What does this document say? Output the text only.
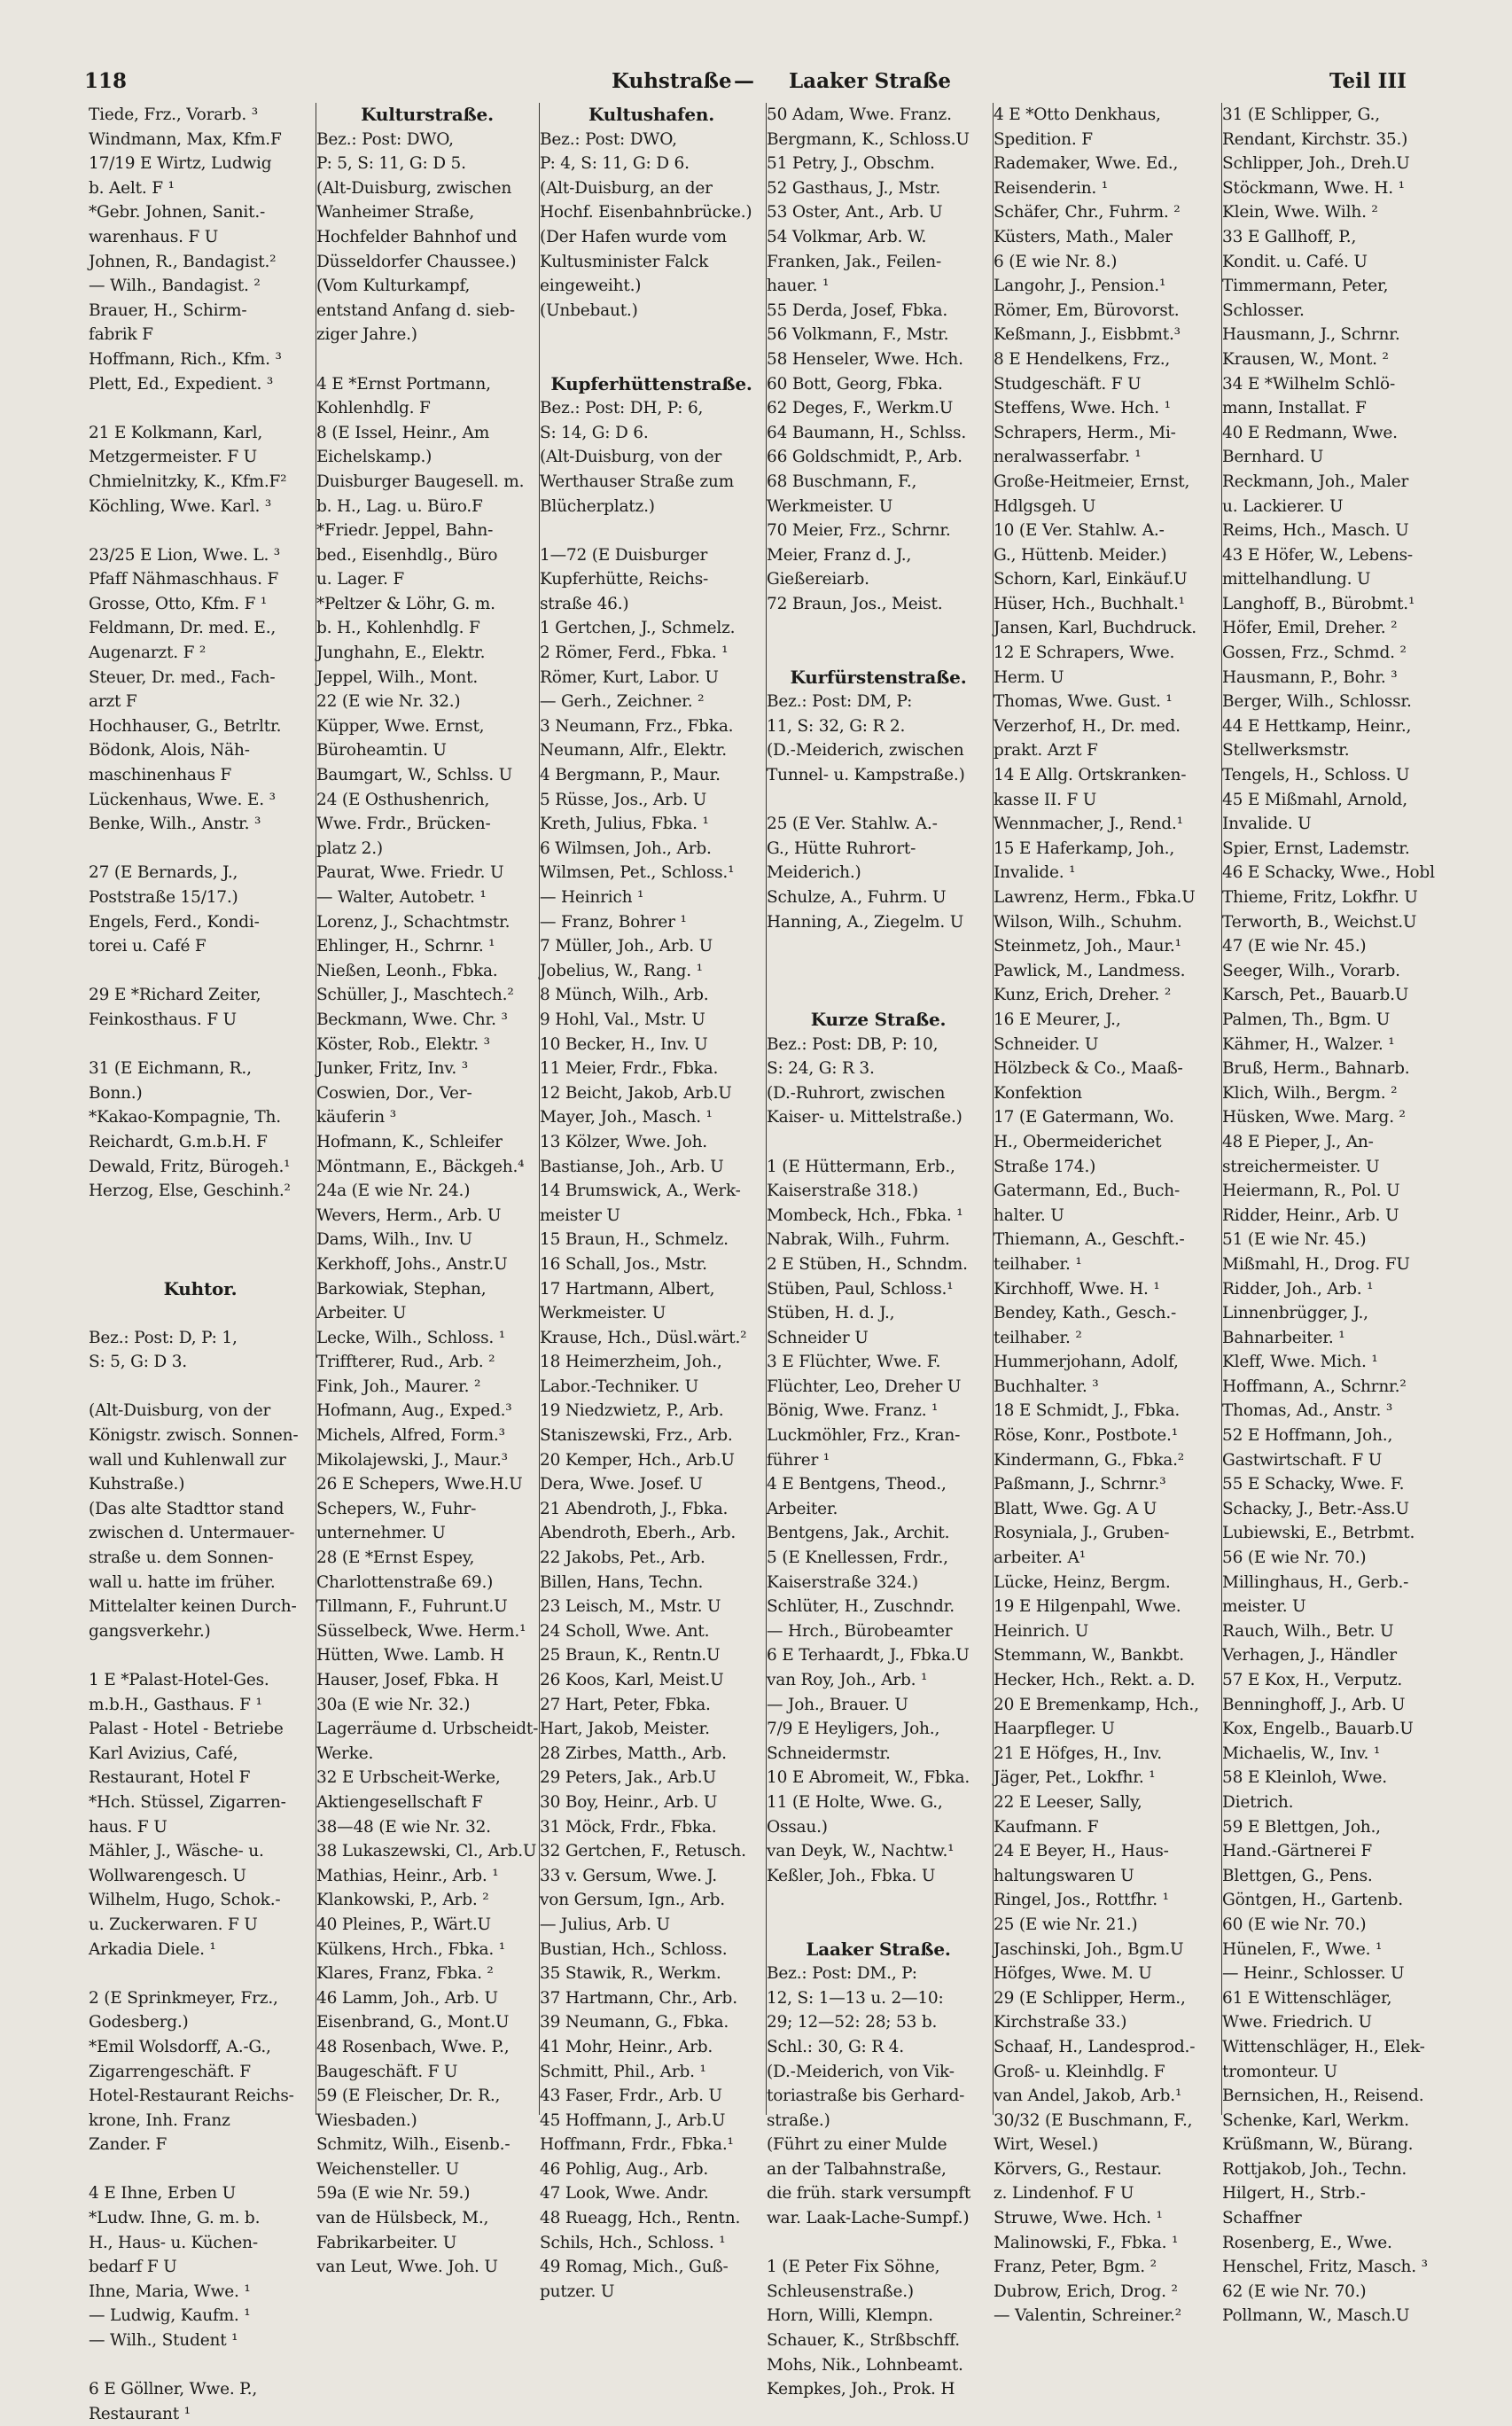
118	Kuhstraße — Laaker Straße	Teil III
Tiede, Frz., Vorarb. ³
Windmann, Max, Kfm.F
17/19 E Wirtz, Ludwig
b. Aelt. F ¹
*Gebr. Johnen, Sanit.-
warenhaus. F U
Johnen, R., Bandagist.²
— Wilh., Bandagist. ²
Brauer, H., Schirm-
fabrik F
Hoffmann, Rich., Kfm. ³
Plett, Ed., Expedient. ³
21 E Kolkmann, Karl,
Metzgermeister. F U
Chmielnitzky, K., Kfm.F²
Köchling, Wwe. Karl. ³
23/25 E Lion, Wwe. L. ³
Pfaff Nähmaschhaus. F
Grosse, Otto, Kfm. F ¹
Feldmann, Dr. med. E.,
Augenarzt. F ²
Steuer, Dr. med., Fach-
arzt F
Hochhauser, G., Betrltr.
Bödonk, Alois, Näh-
maschinenhaus F
Lückenhaus, Wwe. E. ³
Benke, Wilh., Anstr. ³
27 (E Bernards, J.,
Poststraße 15/17.)
Engels, Ferd., Kondi-
torei u. Café F
29 E *Richard Zeiter,
Feinkosthaus. F U
31 (E Eichmann, R.,
Bonn.)
*Kakao-Kompagnie, Th.
Reichardt, G.m.b.H. F
Dewald, Fritz, Bürogeh.¹
Herzog, Else, Geschinh.²
Kuhtor.
Bez.: Post: D, P: 1,
S: 5, G: D 3.
(Alt-Duisburg, von der
Königstr. zwisch. Sonnen-
wall und Kuhlenwall zur
Kuhstraße.)
(Das alte Stadttor stand
zwischen d. Untermauer-
straße u. dem Sonnen-
wall u. hatte im früher.
Mittelalter keinen Durch-
gangsverkehr.)
1 E *Palast-Hotel-Ges.
m.b.H., Gasthaus. F ¹
Palast - Hotel - Betriebe
Karl Avizius, Café,
Restaurant, Hotel F
*Hch. Stüssel, Zigarren-
haus. F U
Mähler, J., Wäsche- u.
Wollwarengesch. U
Wilhelm, Hugo, Schok.-
u. Zuckerwaren. F U
Arkadia Diele. ¹
2 (E Sprinkmeyer, Frz.,
Godesberg.)
*Emil Wolsdorff, A.-G.,
Zigarrengeschäft. F
Hotel-Restaurant Reichs-
krone, Inh. Franz
Zander. F
4 E Ihne, Erben U
*Ludw. Ihne, G. m. b.
H., Haus- u. Küchen-
bedarf F U
Ihne, Maria, Wwe. ¹
— Ludwig, Kaufm. ¹
— Wilh., Student ¹
6 E Göllner, Wwe. P.,
Restaurant ¹
Kulturstraße.
Bez.: Post: DWO,
P: 5, S: 11, G: D 5.
(Alt-Duisburg, zwischen
Wanheimer Straße,
Hochfelder Bahnhof und
Düsseldorfer Chaussee.)
(Vom Kulturkampf,
entstand Anfang d. sieb-
ziger Jahre.)
4 E *Ernst Portmann,
Kohlenhdlg. F
8 (E Issel, Heinr., Am
Eichelskamp.)
Duisburger Baugesell. m.
b. H., Lag. u. Büro.F
*Friedr. Jeppel, Bahn-
bed., Eisenhdlg., Büro
u. Lager. F
*Peltzer & Löhr, G. m.
b. H., Kohlenhdlg. F
Junghahn, E., Elektr.
Jeppel, Wilh., Mont.
22 (E wie Nr. 32.)
Küpper, Wwe. Ernst,
Büroheamtin. U
Baumgart, W., Schlss. U
24 (E Osthushenrich,
Wwe. Frdr., Brücken-
platz 2.)
Paurat, Wwe. Friedr. U
— Walter, Autobetr. ¹
Lorenz, J., Schachtmstr.
Ehlinger, H., Schrnr. ¹
Nießen, Leonh., Fbka.
Schüller, J., Maschtech.²
Beckmann, Wwe. Chr. ³
Köster, Rob., Elektr. ³
Junker, Fritz, Inv. ³
Coswien, Dor., Ver-
käuferin ³
Hofmann, K., Schleifer
Möntmann, E., Bäckgeh.⁴
24a (E wie Nr. 24.)
Wevers, Herm., Arb. U
Dams, Wilh., Inv. U
Kerkhoff, Johs., Anstr.U
Barkowiak, Stephan,
Arbeiter. U
Lecke, Wilh., Schloss. ¹
Triffterer, Rud., Arb. ²
Fink, Joh., Maurer. ²
Hofmann, Aug., Exped.³
Michels, Alfred, Form.³
Mikolajewski, J., Maur.³
26 E Schepers, Wwe.H.U
Schepers, W., Fuhr-
unternehmer. U
28 (E *Ernst Espey,
Charlottenstraße 69.)
Tillmann, F., Fuhrunt.U
Süsselbeck, Wwe. Herm.¹
Hütten, Wwe. Lamb. H
Hauser, Josef, Fbka. H
30a (E wie Nr. 32.)
Lagerräume d. Urbscheidt-
Werke.
32 E Urbscheit-Werke,
Aktiengesellschaft F
38—48 (E wie Nr. 32.
38 Lukaszewski, Cl., Arb.U
Mathias, Heinr., Arb. ¹
Klankowski, P., Arb. ²
40 Pleines, P., Wärt.U
Külkens, Hrch., Fbka. ¹
Klares, Franz, Fbka. ²
46 Lamm, Joh., Arb. U
Eisenbrand, G., Mont.U
48 Rosenbach, Wwe. P.,
Baugeschäft. F U
59 (E Fleischer, Dr. R.,
Wiesbaden.)
Schmitz, Wilh., Eisenb.-
Weichensteller. U
59a (E wie Nr. 59.)
van de Hülsbeck, M.,
Fabrikarbeiter. U
van Leut, Wwe. Joh. U
Kultushafen.
Bez.: Post: DWO,
P: 4, S: 11, G: D 6.
(Alt-Duisburg, an der
Hochf. Eisenbahnbrücke.)
(Der Hafen wurde vom
Kultusminister Falck
eingeweiht.)
(Unbebaut.)
Kupferhüttenstraße.
Bez.: Post: DH, P: 6,
S: 14, G: D 6.
(Alt-Duisburg, von der
Werthauser Straße zum
Blücherplatz.)
1—72 (E Duisburger
Kupferhütte, Reichs-
straße 46.)
1 Gertchen, J., Schmelz.
2 Römer, Ferd., Fbka. ¹
Römer, Kurt, Labor. U
— Gerh., Zeichner. ²
3 Neumann, Frz., Fbka.
Neumann, Alfr., Elektr.
4 Bergmann, P., Maur.
5 Rüsse, Jos., Arb. U
Kreth, Julius, Fbka. ¹
6 Wilmsen, Joh., Arb.
Wilmsen, Pet., Schloss.¹
— Heinrich ¹
— Franz, Bohrer ¹
7 Müller, Joh., Arb. U
Jobelius, W., Rang. ¹
8 Münch, Wilh., Arb.
9 Hohl, Val., Mstr. U
10 Becker, H., Inv. U
11 Meier, Frdr., Fbka.
12 Beicht, Jakob, Arb.U
Mayer, Joh., Masch. ¹
13 Kölzer, Wwe. Joh.
Bastianse, Joh., Arb. U
14 Brumswick, A., Werk-
meister U
15 Braun, H., Schmelz.
16 Schall, Jos., Mstr.
17 Hartmann, Albert,
Werkmeister. U
Krause, Hch., Düsl.wärt.²
18 Heimerzheim, Joh.,
Labor.-Techniker. U
19 Niedzwietz, P., Arb.
Staniszewski, Frz., Arb.
20 Kemper, Hch., Arb.U
Dera, Wwe. Josef. U
21 Abendroth, J., Fbka.
Abendroth, Eberh., Arb.
22 Jakobs, Pet., Arb.
Billen, Hans, Techn.
23 Leisch, M., Mstr. U
24 Scholl, Wwe. Ant.
25 Braun, K., Rentn.U
26 Koos, Karl, Meist.U
27 Hart, Peter, Fbka.
Hart, Jakob, Meister.
28 Zirbes, Matth., Arb.
29 Peters, Jak., Arb.U
30 Boy, Heinr., Arb. U
31 Möck, Frdr., Fbka.
32 Gertchen, F., Retusch.
33 v. Gersum, Wwe. J.
von Gersum, Ign., Arb.
— Julius, Arb. U
Bustian, Hch., Schloss.
35 Stawik, R., Werkm.
37 Hartmann, Chr., Arb.
39 Neumann, G., Fbka.
41 Mohr, Heinr., Arb.
Schmitt, Phil., Arb. ¹
43 Faser, Frdr., Arb. U
45 Hoffmann, J., Arb.U
Hoffmann, Frdr., Fbka.¹
46 Pohlig, Aug., Arb.
47 Look, Wwe. Andr.
48 Rueagg, Hch., Rentn.
Schils, Hch., Schloss. ¹
49 Romag, Mich., Guß-
putzer. U
50 Adam, Wwe. Franz.
Bergmann, K., Schloss.U
51 Petry, J., Obschm.
52 Gasthaus, J., Mstr.
53 Oster, Ant., Arb. U
54 Volkmar, Arb. W.
Franken, Jak., Feilen-
hauer. ¹
55 Derda, Josef, Fbka.
56 Volkmann, F., Mstr.
58 Henseler, Wwe. Hch.
60 Bott, Georg, Fbka.
62 Deges, F., Werkm.U
64 Baumann, H., Schlss.
66 Goldschmidt, P., Arb.
68 Buschmann, F.,
Werkmeister. U
70 Meier, Frz., Schrnr.
Meier, Franz d. J.,
Gießereiarb.
72 Braun, Jos., Meist.
Kurfürstenstraße.
Bez.: Post: DM, P:
11, S: 32, G: R 2.
(D.-Meiderich, zwischen
Tunnel- u. Kampstraße.)
25 (E Ver. Stahlw. A.-
G., Hütte Ruhrort-
Meiderich.)
Schulze, A., Fuhrm. U
Hanning, A., Ziegelm. U
Kurze Straße.
Bez.: Post: DB, P: 10,
S: 24, G: R 3.
(D.-Ruhrort, zwischen
Kaiser- u. Mittelstraße.)
1 (E Hüttermann, Erb.,
Kaiserstraße 318.)
Mombeck, Hch., Fbka. ¹
Nabrak, Wilh., Fuhrm.
2 E Stüben, H., Schndm.
Stüben, Paul, Schloss.¹
Stüben, H. d. J.,
Schneider U
3 E Flüchter, Wwe. F.
Flüchter, Leo, Dreher U
Bönig, Wwe. Franz. ¹
Luckmöhler, Frz., Kran-
führer ¹
4 E Bentgens, Theod.,
Arbeiter.
Bentgens, Jak., Archit.
5 (E Knellessen, Frdr.,
Kaiserstraße 324.)
Schlüter, H., Zuschndr.
— Hrch., Bürobeamter
6 E Terhaardt, J., Fbka.U
van Roy, Joh., Arb. ¹
— Joh., Brauer. U
7/9 E Heyligers, Joh.,
Schneidermstr.
10 E Abromeit, W., Fbka.
11 (E Holte, Wwe. G.,
Ossau.)
van Deyk, W., Nachtw.¹
Keßler, Joh., Fbka. U
Laaker Straße.
Bez.: Post: DM., P:
12, S: 1—13 u. 2—10:
29; 12—52: 28; 53 b.
Schl.: 30, G: R 4.
(D.-Meiderich, von Vik-
toriastraße bis Gerhard-
straße.)
(Führt zu einer Mulde
an der Talbahnstraße,
die früh. stark versumpft
war. Laak-Lache-Sumpf.)
1 (E Peter Fix Söhne,
Schleusenstraße.)
Horn, Willi, Klempn.
Schauer, K., Strßbschff.
Mohs, Nik., Lohnbeamt.
Kempkes, Joh., Prok. H
4 E *Otto Denkhaus,
Spedition. F
Rademaker, Wwe. Ed.,
Reisenderin. ¹
Schäfer, Chr., Fuhrm. ²
Küsters, Math., Maler
6 (E wie Nr. 8.)
Langohr, J., Pension.¹
Römer, Em, Bürovorst.
Keßmann, J., Eisbbmt.³
8 E Hendelkens, Frz.,
Studgeschäft. F U
Steffens, Wwe. Hch. ¹
Schrapers, Herm., Mi-
neralwasserfabr. ¹
Große-Heitmeier, Ernst,
Hdlgsgeh. U
10 (E Ver. Stahlw. A.-
G., Hüttenb. Meider.)
Schorn, Karl, Einkäuf.U
Hüser, Hch., Buchhalt.¹
Jansen, Karl, Buchdruck.
12 E Schrapers, Wwe.
Herm. U
Thomas, Wwe. Gust. ¹
Verzerhof, H., Dr. med.
prakt. Arzt F
14 E Allg. Ortskranken-
kasse II. F U
Wennmacher, J., Rend.¹
15 E Haferkamp, Joh.,
Invalide. ¹
Lawrenz, Herm., Fbka.U
Wilson, Wilh., Schuhm.
Steinmetz, Joh., Maur.¹
Pawlick, M., Landmess.
Kunz, Erich, Dreher. ²
16 E Meurer, J.,
Schneider. U
Hölzbeck & Co., Maaß-
Konfektion
17 (E Gatermann, Wo.
H., Obermeiderichet
Straße 174.)
Gatermann, Ed., Buch-
halter. U
Thiemann, A., Geschft.-
teilhaber. ¹
Kirchhoff, Wwe. H. ¹
Bendey, Kath., Gesch.-
teilhaber. ²
Hummerjohann, Adolf,
Buchhalter. ³
18 E Schmidt, J., Fbka.
Röse, Konr., Postbote.¹
Kindermann, G., Fbka.²
Paßmann, J., Schrnr.³
Blatt, Wwe. Gg. A U
Rosyniala, J., Gruben-
arbeiter. A¹
Lücke, Heinz, Bergm.
19 E Hilgenpahl, Wwe.
Heinrich. U
Stemmann, W., Bankbt.
Hecker, Hch., Rekt. a. D.
20 E Bremenkamp, Hch.,
Haarpfleger. U
21 E Höfges, H., Inv.
Jäger, Pet., Lokfhr. ¹
22 E Leeser, Sally,
Kaufmann. F
24 E Beyer, H., Haus-
haltungswaren U
Ringel, Jos., Rottfhr. ¹
25 (E wie Nr. 21.)
Jaschinski, Joh., Bgm.U
Höfges, Wwe. M. U
29 (E Schlipper, Herm.,
Kirchstraße 33.)
Schaaf, H., Landesprod.-
Groß- u. Kleinhdlg. F
van Andel, Jakob, Arb.¹
30/32 (E Buschmann, F.,
Wirt, Wesel.)
Körvers, G., Restaur.
z. Lindenhof. F U
Struwe, Wwe. Hch. ¹
Malinowski, F., Fbka. ¹
Franz, Peter, Bgm. ²
Dubrow, Erich, Drog. ²
— Valentin, Schreiner.²
31 (E Schlipper, G.,
Rendant, Kirchstr. 35.)
Schlipper, Joh., Dreh.U
Stöckmann, Wwe. H. ¹
Klein, Wwe. Wilh. ²
33 E Gallhoff, P.,
Kondit. u. Café. U
Timmermann, Peter,
Schlosser.
Hausmann, J., Schrnr.
Krausen, W., Mont. ²
34 E *Wilhelm Schlö-
mann, Installat. F
40 E Redmann, Wwe.
Bernhard. U
Reckmann, Joh., Maler
u. Lackierer. U
Reims, Hch., Masch. U
43 E Höfer, W., Lebens-
mittelhandlung. U
Langhoff, B., Bürobmt.¹
Höfer, Emil, Dreher. ²
Gossen, Frz., Schmd. ²
Hausmann, P., Bohr. ³
Berger, Wilh., Schlossr.
44 E Hettkamp, Heinr.,
Stellwerksmstr.
Tengels, H., Schloss. U
45 E Mißmahl, Arnold,
Invalide. U
Spier, Ernst, Lademstr.
46 E Schacky, Wwe., Hobl
Thieme, Fritz, Lokfhr. U
Terworth, B., Weichst.U
47 (E wie Nr. 45.)
Seeger, Wilh., Vorarb.
Karsch, Pet., Bauarb.U
Palmen, Th., Bgm. U
Kähmer, H., Walzer. ¹
Bruß, Herm., Bahnarb.
Klich, Wilh., Bergm. ²
Hüsken, Wwe. Marg. ²
48 E Pieper, J., An-
streichermeister. U
Heiermann, R., Pol. U
Ridder, Heinr., Arb. U
51 (E wie Nr. 45.)
Mißmahl, H., Drog. FU
Ridder, Joh., Arb. ¹
Linnenbrügger, J.,
Bahnarbeiter. ¹
Kleff, Wwe. Mich. ¹
Hoffmann, A., Schrnr.²
Thomas, Ad., Anstr. ³
52 E Hoffmann, Joh.,
Gastwirtschaft. F U
55 E Schacky, Wwe. F.
Schacky, J., Betr.-Ass.U
Lubiewski, E., Betrbmt.
56 (E wie Nr. 70.)
Millinghaus, H., Gerb.-
meister. U
Rauch, Wilh., Betr. U
Verhagen, J., Händler
57 E Kox, H., Verputz.
Benninghoff, J., Arb. U
Kox, Engelb., Bauarb.U
Michaelis, W., Inv. ¹
58 E Kleinloh, Wwe.
Dietrich.
59 E Blettgen, Joh.,
Hand.-Gärtnerei F
Blettgen, G., Pens.
Göntgen, H., Gartenb.
60 (E wie Nr. 70.)
Hünelen, F., Wwe. ¹
— Heinr., Schlosser. U
61 E Wittenschläger,
Wwe. Friedrich. U
Wittenschläger, H., Elek-
tromonteur. U
Bernsichen, H., Reisend.
Schenke, Karl, Werkm.
Krüßmann, W., Bürang.
Rottjakob, Joh., Techn.
Hilgert, H., Strb.-
Schaffner
Rosenberg, E., Wwe.
Henschel, Fritz, Masch. ³
62 (E wie Nr. 70.)
Pollmann, W., Masch.U
